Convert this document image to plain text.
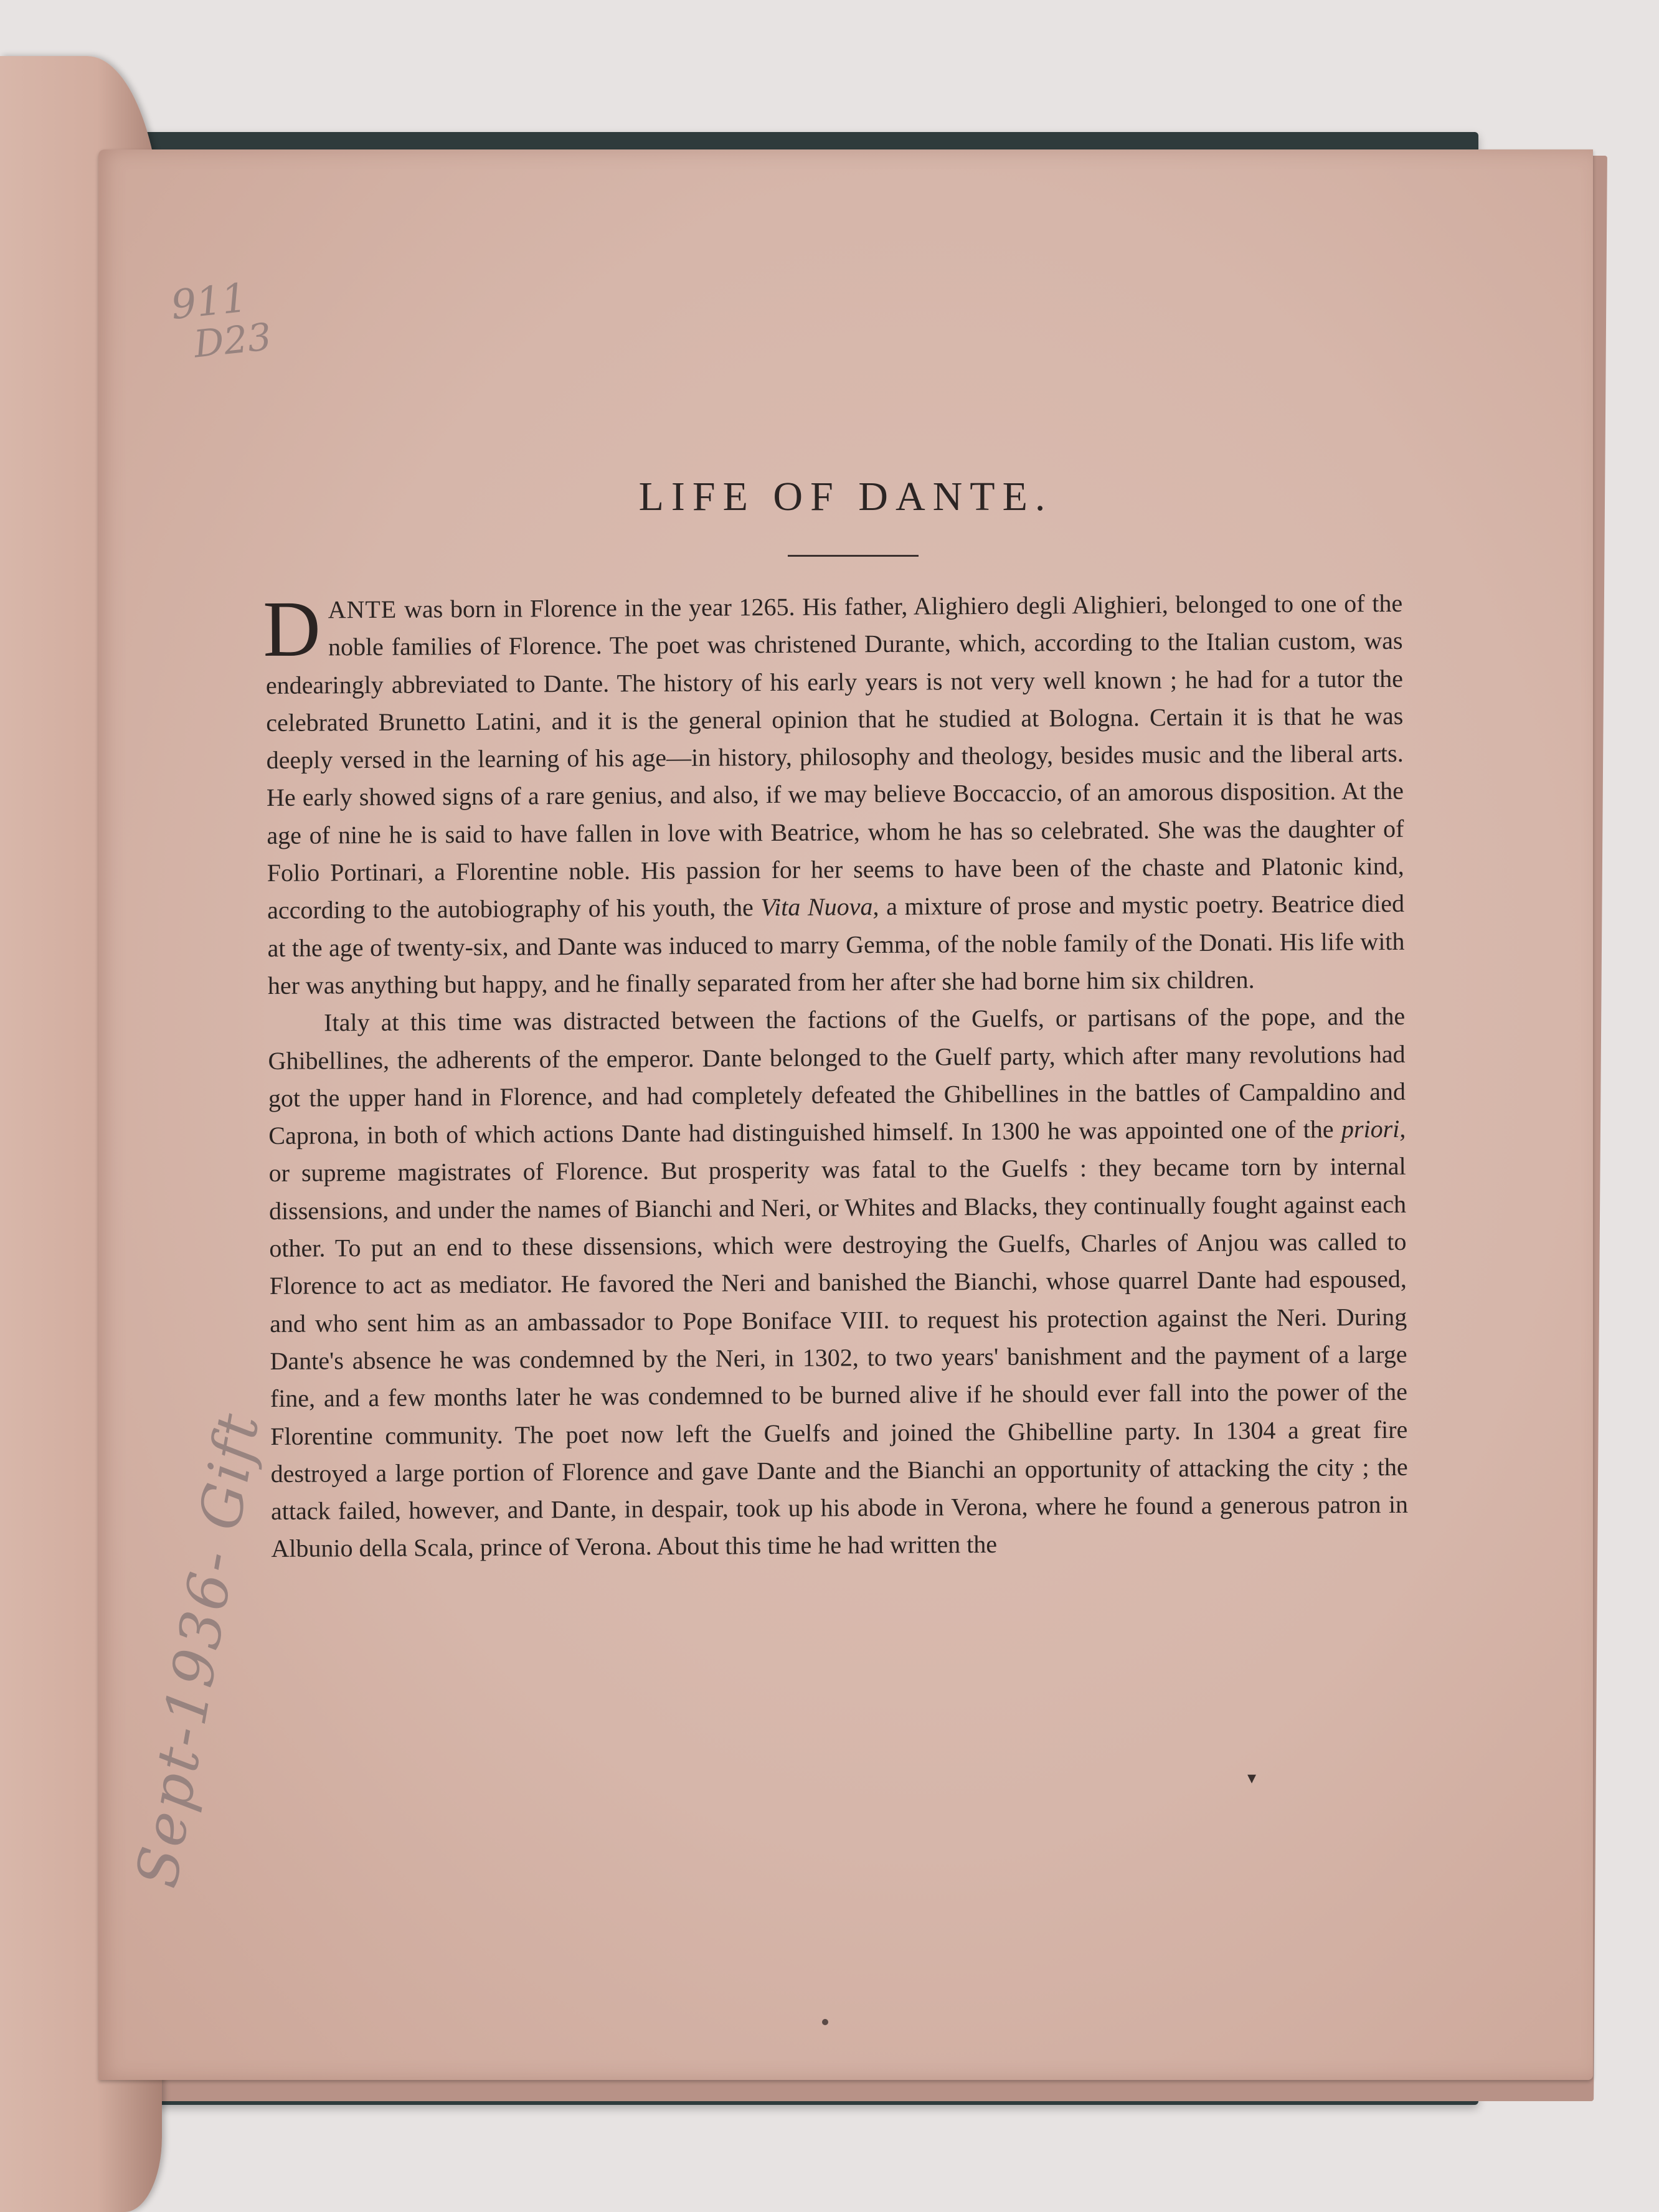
911
D23
Sept-1936- Gift
LIFE OF DANTE.

DANTE was born in Florence in the year 1265. His father, Alighiero degli Alighieri, belonged to one of the noble families of Florence. The poet was christened Durante, which, according to the Italian custom, was endearingly abbreviated to Dante. The history of his early years is not very well known ; he had for a tutor the celebrated Brunetto Latini, and it is the general opinion that he studied at Bologna. Certain it is that he was deeply versed in the learning of his age—in history, philosophy and theology, besides music and the liberal arts. He early showed signs of a rare genius, and also, if we may believe Boccaccio, of an amorous disposition. At the age of nine he is said to have fallen in love with Beatrice, whom he has so celebrated. She was the daughter of Folio Portinari, a Florentine noble. His passion for her seems to have been of the chaste and Platonic kind, according to the autobiography of his youth, the Vita Nuova, a mixture of prose and mystic poetry. Beatrice died at the age of twenty-six, and Dante was induced to marry Gemma, of the noble family of the Donati. His life with her was anything but happy, and he finally separated from her after she had borne him six children.

Italy at this time was distracted between the factions of the Guelfs, or partisans of the pope, and the Ghibellines, the adherents of the emperor. Dante belonged to the Guelf party, which after many revolutions had got the upper hand in Florence, and had completely defeated the Ghibellines in the battles of Campaldino and Caprona, in both of which actions Dante had distinguished himself. In 1300 he was appointed one of the priori, or supreme magistrates of Florence. But prosperity was fatal to the Guelfs : they became torn by internal dissensions, and under the names of Bianchi and Neri, or Whites and Blacks, they continually fought against each other. To put an end to these dissensions, which were destroying the Guelfs, Charles of Anjou was called to Florence to act as mediator. He favored the Neri and banished the Bianchi, whose quarrel Dante had espoused, and who sent him as an ambassador to Pope Boniface VIII. to request his protection against the Neri. During Dante's absence he was condemned by the Neri, in 1302, to two years' banishment and the payment of a large fine, and a few months later he was condemned to be burned alive if he should ever fall into the power of the Florentine community. The poet now left the Guelfs and joined the Ghibelline party. In 1304 a great fire destroyed a large portion of Florence and gave Dante and the Bianchi an opportunity of attacking the city ; the attack failed, however, and Dante, in despair, took up his abode in Verona, where he found a generous patron in Albunio della Scala, prince of Verona. About this time he had written the

▾
